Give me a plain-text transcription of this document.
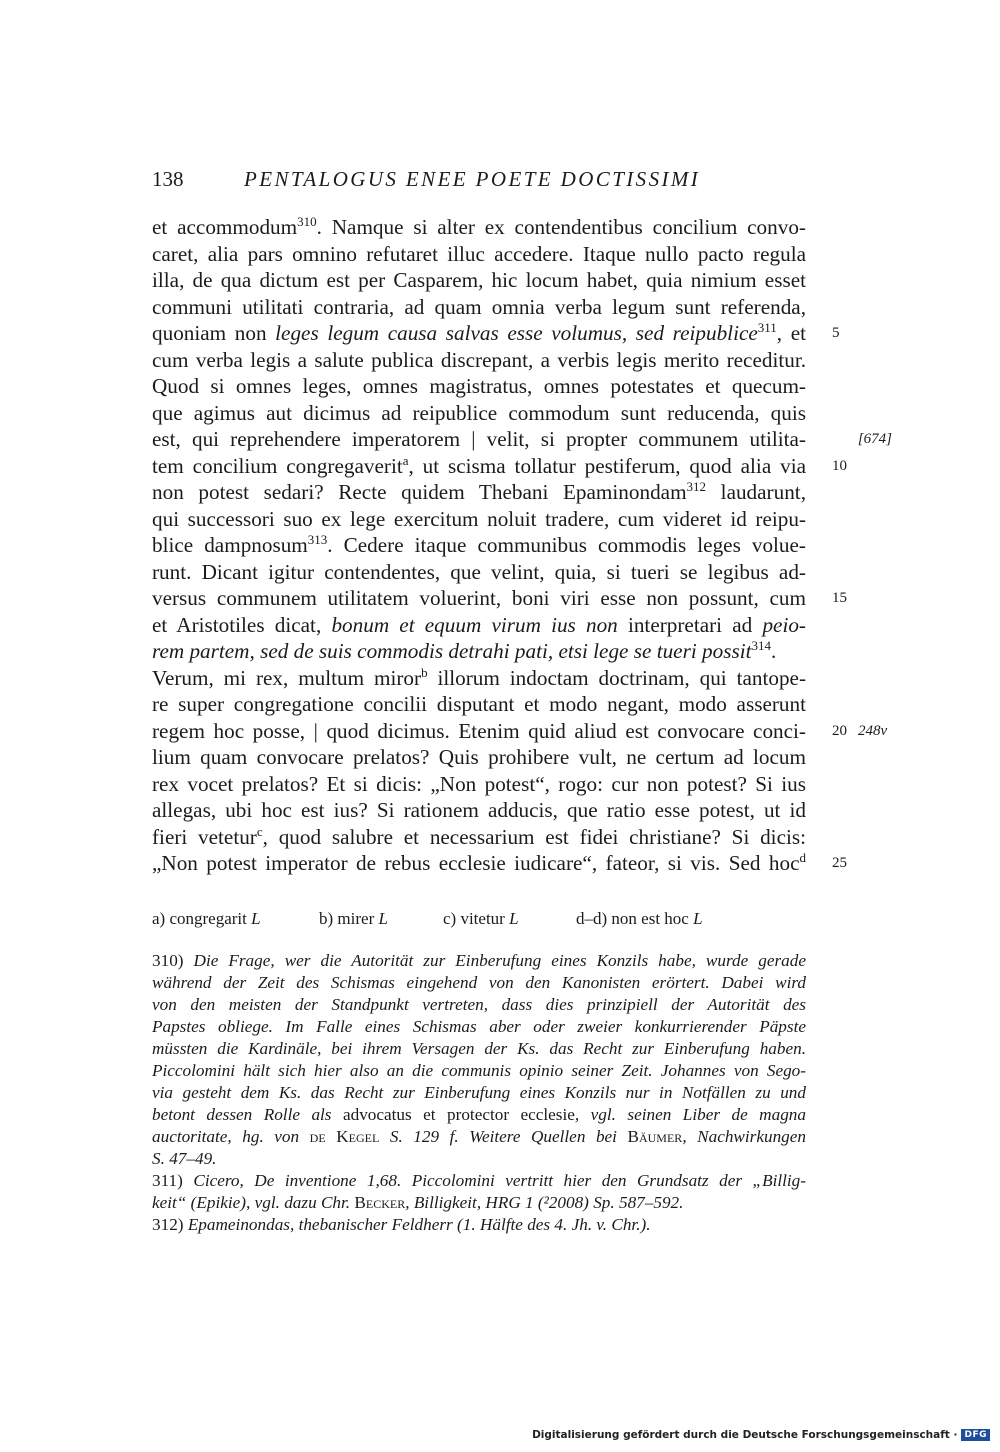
138	PENTALOGUS ENEE POETE DOCTISSIMI
et accommodum$^{310}$. Namque si alter ex contendentibus concilium convo-
caret, alia pars omnino refutaret illuc accedere. Itaque nullo pacto regula
illa, de qua dictum est per Casparem, hic locum habet, quia nimium esset
communi utilitati contraria, ad quam omnia verba legum sunt referenda,
quoniam non leges legum causa salvas esse volumus, sed reipublice$^{311}$, et 5
cum verba legis a salute publica discrepant, a verbis legis merito receditur.
Quod si omnes leges, omnes magistratus, omnes potestates et quecum-
que agimus aut dicimus ad reipublice commodum sunt reducenda, quis
est, qui reprehendere imperatorem | velit, si propter communem utilita-	[674]
tem concilium congregaverit$^a$, ut scisma tollatur pestiferum, quod alia via 10
non potest sedari? Recte quidem Thebani Epaminondam$^{312}$ laudarunt,
qui successori suo ex lege exercitum noluit tradere, cum videret id reipu-
blice dampnosum$^{313}$. Cedere itaque communibus commodis leges volue-
runt. Dicant igitur contendentes, que velint, quia, si tueri se legibus ad-
versus communem utilitatem voluerint, boni viri esse non possunt, cum 15
et Aristotiles dicat, bonum et equum virum ius non interpretari ad peio-
rem partem, sed de suis commodis detrahi pati, etsi lege se tueri possit$^{314}$.
Verum, mi rex, multum miror$^b$ illorum indoctam doctrinam, qui tantope-
re super congregatione concilii disputant et modo negant, modo asserunt
regem hoc posse, | quod dicimus. Etenim quid aliud est convocare conci- 20 248v
lium quam convocare prelatos? Quis prohibere vult, ne certum ad locum
rex vocet prelatos? Et si dicis: „Non potest“, rogo: cur non potest? Si ius
allegas, ubi hoc est ius? Si rationem adducis, que ratio esse potest, ut id
fieri vetetur$^c$, quod salubre et necessarium est fidei christiane? Si dicis:
„Non potest imperator de rebus ecclesie iudicare“, fateor, si vis. Sed hoc$^d$ 25
a) congregarit L	b) mirer L	c) vitetur L	d–d) non est hoc L
310) Die Frage, wer die Autorität zur Einberufung eines Konzils habe, wurde gerade
während der Zeit des Schismas eingehend von den Kanonisten erörtert. Dabei wird
von den meisten der Standpunkt vertreten, dass dies prinzipiell der Autorität des
Papstes obliege. Im Falle eines Schismas aber oder zweier konkurrierender Päpste
müssten die Kardinäle, bei ihrem Versagen der Ks. das Recht zur Einberufung haben.
Piccolomini hält sich hier also an die communis opinio seiner Zeit. Johannes von Sego-
via gesteht dem Ks. das Recht zur Einberufung eines Konzils nur in Notfällen zu und
betont dessen Rolle als advocatus et protector ecclesie, vgl. seinen Liber de magna
auctoritate, hg. von de Kegel S. 129 f. Weitere Quellen bei Bäumer, Nachwirkungen
S. 47–49.
311) Cicero, De inventione 1,68. Piccolomini vertritt hier den Grundsatz der „Billig-
keit“ (Epikie), vgl. dazu Chr. Becker, Billigkeit, HRG 1 (²2008) Sp. 587–592.
312) Epameinondas, thebanischer Feldherr (1. Hälfte des 4. Jh. v. Chr.).
Digitalisierung gefördert durch die Deutsche Forschungsgemeinschaft · DFG
